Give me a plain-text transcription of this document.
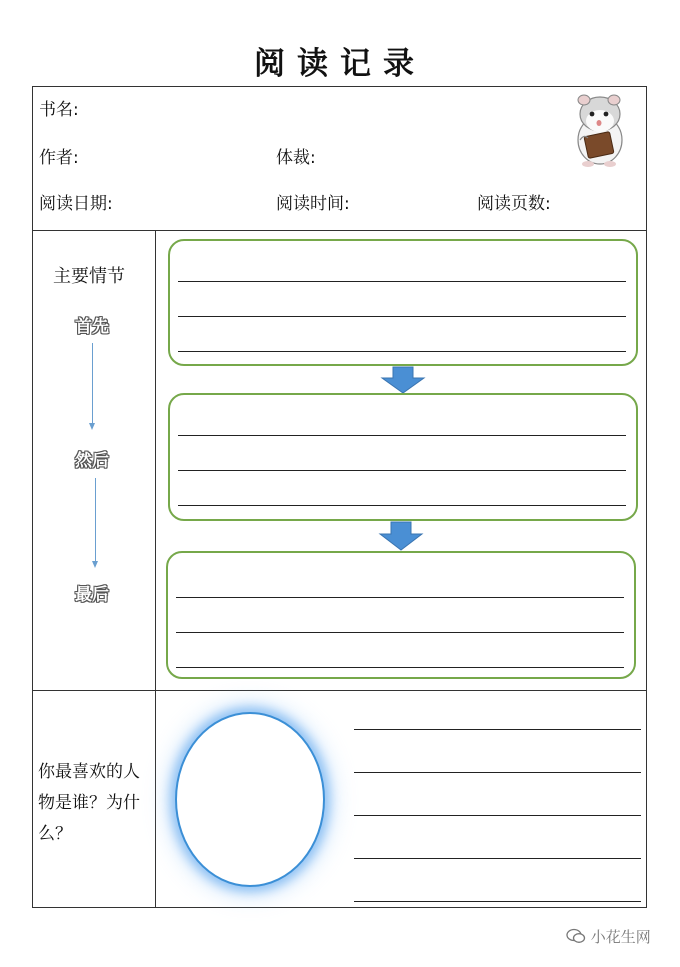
阅读记录
书名:
作者:	体裁:
阅读日期:	阅读时间:	阅读页数:
主要情节
首先
然后
最后
你最喜欢的人物是谁？为什么？
小花生网
